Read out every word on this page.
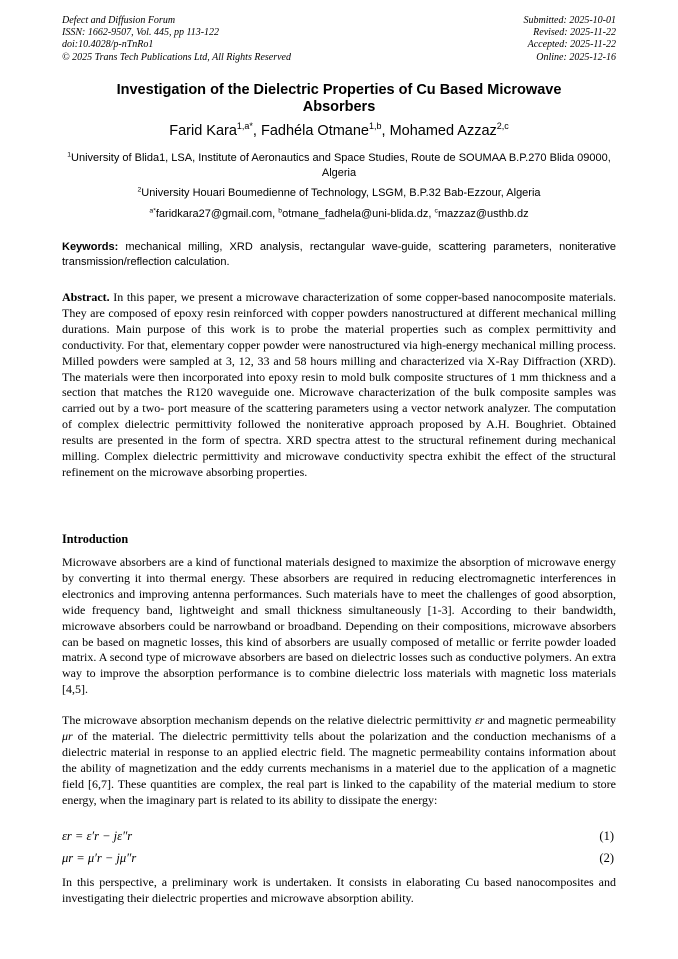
Defect and Diffusion Forum
ISSN: 1662-9507, Vol. 445, pp 113-122
doi:10.4028/p-nTnRo1
© 2025 Trans Tech Publications Ltd, All Rights Reserved
Submitted: 2025-10-01
Revised: 2025-11-22
Accepted: 2025-11-22
Online: 2025-12-16
Investigation of the Dielectric Properties of Cu Based Microwave Absorbers
Farid Kara$^{1,a*}$, Fadhéla Otmane$^{1,b}$, Mohamed Azzaz$^{2,c}$
$^1$University of Blida1, LSA, Institute of Aeronautics and Space Studies, Route de SOUMAA B.P.270 Blida 09000, Algeria
$^2$University Houari Boumedienne of Technology, LSGM, B.P.32 Bab-Ezzour, Algeria
$^{a*}$faridkara27@gmail.com, $^b$otmane_fadhela@uni-blida.dz, $^c$mazzaz@usthb.dz
Keywords: mechanical milling, XRD analysis, rectangular wave-guide, scattering parameters, noniterative transmission/reflection calculation.
Abstract. In this paper, we present a microwave characterization of some copper-based nanocomposite materials. They are composed of epoxy resin reinforced with copper powders nanostructured at different mechanical milling durations. Main purpose of this work is to probe the material properties such as complex permittivity and conductivity. For that, elementary copper powder were nanostructured via high-energy mechanical milling process. Milled powders were sampled at 3, 12, 33 and 58 hours milling and characterized via X-Ray Diffraction (XRD). The materials were then incorporated into epoxy resin to mold bulk composite structures of 1 mm thickness and a section that matches the R120 waveguide one. Microwave characterization of the bulk composite samples was carried out by a two- port measure of the scattering parameters using a vector network analyzer. The computation of complex dielectric permittivity followed the noniterative approach proposed by A.H. Boughriet. Obtained results are presented in the form of spectra. XRD spectra attest to the structural refinement during mechanical milling. Complex dielectric permittivity and microwave conductivity spectra exhibit the effect of the structural refinement on the microwave absorbing properties.
Introduction
Microwave absorbers are a kind of functional materials designed to maximize the absorption of microwave energy by converting it into thermal energy. These absorbers are required in reducing electromagnetic interferences in electronics and improving antenna performances. Such materials have to meet the challenges of good absorption, wide frequency band, lightweight and small thickness simultaneously [1-3]. According to their bandwidth, microwave absorbers could be narrowband or broadband. Depending on their compositions, microwave absorbers can be based on magnetic losses, this kind of absorbers are usually composed of metallic or ferrite powder loaded matrix. A second type of microwave absorbers are based on dielectric losses such as conductive polymers. An extra way to improve the absorption performance is to combine dielectric loss materials with magnetic loss materials [4,5].
The microwave absorption mechanism depends on the relative dielectric permittivity εr and magnetic permeability μr of the material. The dielectric permittivity tells about the polarization and the conduction mechanisms of a dielectric material in response to an applied electric field. The magnetic permeability contains information about the ability of magnetization and the eddy currents mechanisms in a materiel due to the application of a magnetic field [6,7]. These quantities are complex, the real part is linked to the capability of the material medium to store energy, when the imaginary part is related to its ability to dissipate the energy:
εr = ε′r − jε″r	(1)
μr = μ′r − jμ″r	(2)
In this perspective, a preliminary work is undertaken. It consists in elaborating Cu based nanocomposites and investigating their dielectric properties and microwave absorption ability.
